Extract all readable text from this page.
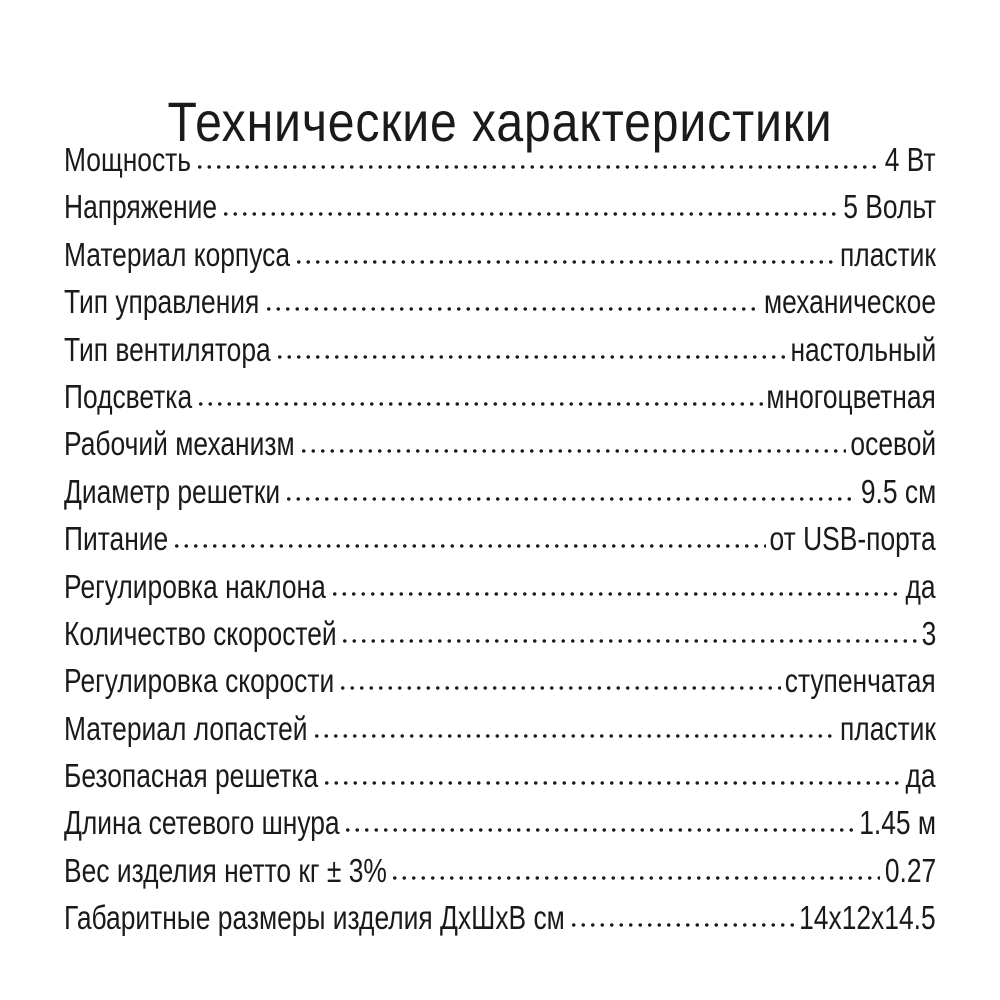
Технические характеристики
Мощность	4 Вт
Напряжение	5 Вольт
Материал корпуса	пластик
Тип управления	механическое
Тип вентилятора	настольный
Подсветка	многоцветная
Рабочий механизм	осевой
Диаметр решетки	9.5 см
Питание	от USB-порта
Регулировка наклона	да
Количество скоростей	3
Регулировка скорости	ступенчатая
Материал лопастей	пластик
Безопасная решетка	да
Длина сетевого шнура	1.45 м
Вес изделия нетто кг ± 3%	0.27
Габаритные размеры изделия ДхШхВ см	14x12x14.5
